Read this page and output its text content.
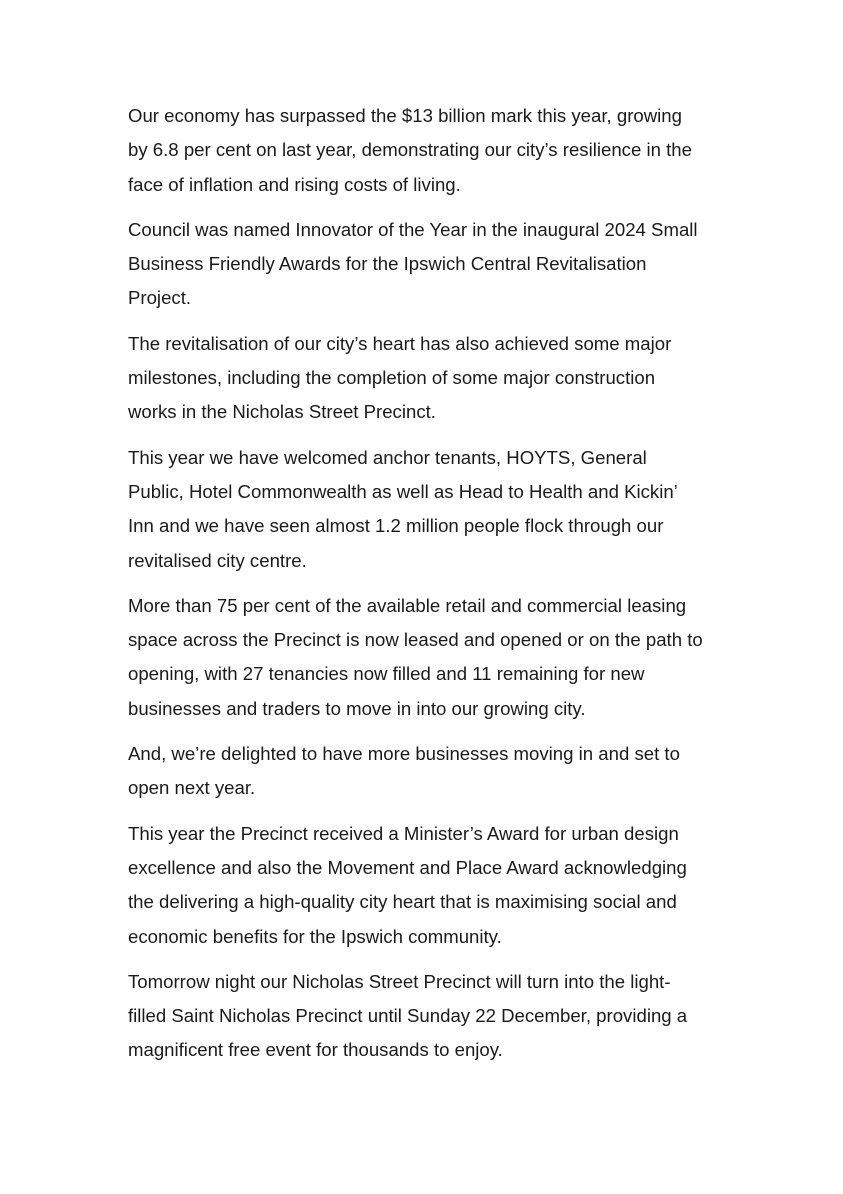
Our economy has surpassed the $13 billion mark this year, growing
by 6.8 per cent on last year, demonstrating our city’s resilience in the
face of inflation and rising costs of living.

Council was named Innovator of the Year in the inaugural 2024 Small
Business Friendly Awards for the Ipswich Central Revitalisation
Project.

The revitalisation of our city’s heart has also achieved some major
milestones, including the completion of some major construction
works in the Nicholas Street Precinct.

This year we have welcomed anchor tenants, HOYTS, General
Public, Hotel Commonwealth as well as Head to Health and Kickin’
Inn and we have seen almost 1.2 million people flock through our
revitalised city centre.

More than 75 per cent of the available retail and commercial leasing
space across the Precinct is now leased and opened or on the path to
opening, with 27 tenancies now filled and 11 remaining for new
businesses and traders to move in into our growing city.

And, we’re delighted to have more businesses moving in and set to
open next year.

This year the Precinct received a Minister’s Award for urban design
excellence and also the Movement and Place Award acknowledging
the delivering a high-quality city heart that is maximising social and
economic benefits for the Ipswich community.

Tomorrow night our Nicholas Street Precinct will turn into the light-
filled Saint Nicholas Precinct until Sunday 22 December, providing a
magnificent free event for thousands to enjoy.
